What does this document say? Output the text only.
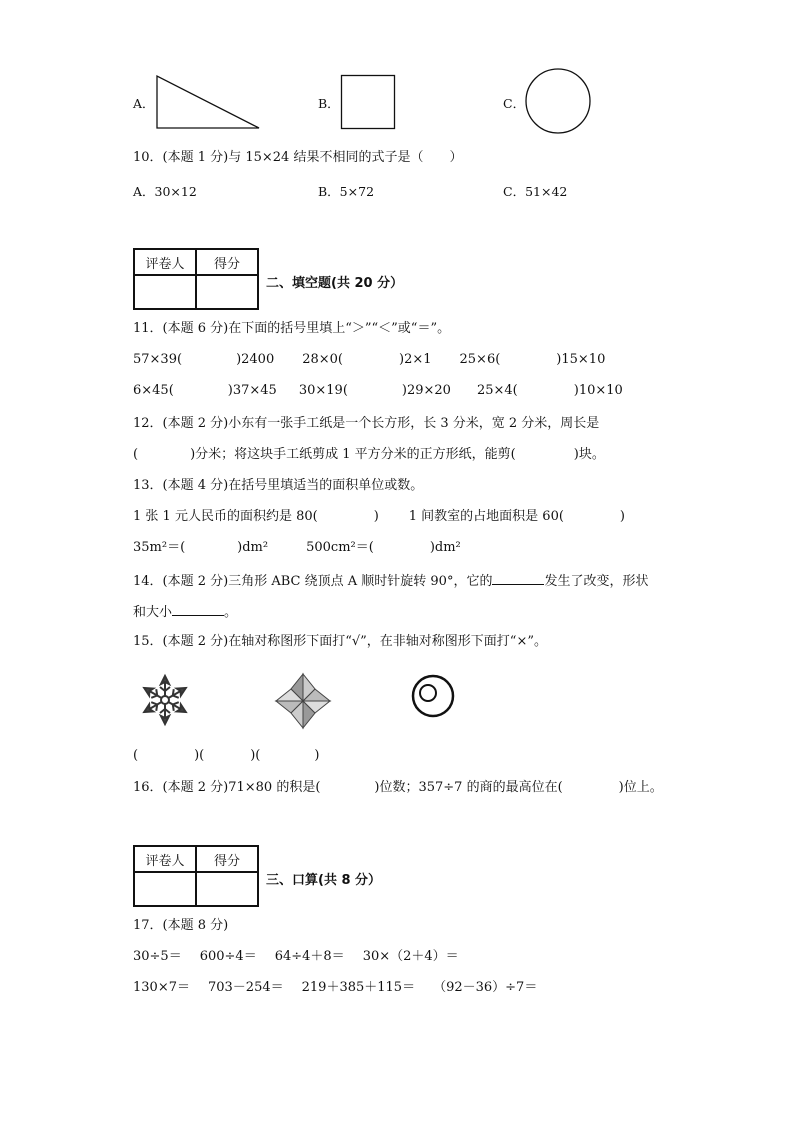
A．	B．	C．
10．(本题 1 分)与 15×24 结果不相同的式子是（　　）
A．30×12	B．5×72	C．51×42
评卷人	得分

二、填空题(共 20 分）
11．(本题 6 分)在下面的括号里填上“＞”“＜”或“＝”。
57×39(	)2400 28×0(	)2×1 25×6(	)15×10
6×45(	)37×45 30×19(	)29×20 25×4(	)10×10
12．(本题 2 分)小东有一张手工纸是一个长方形，长 3 分米，宽 2 分米，周长是
(	)分米；将这块手工纸剪成 1 平方分米的正方形纸，能剪(	)块。
13．(本题 4 分)在括号里填适当的面积单位或数。
1 张 1 元人民币的面积约是 80(	) 1 间教室的占地面积是 60(	)
35m²＝(	)dm²	500cm²＝(	)dm²
14．(本题 2 分)三角形 ABC 绕顶点 A 顺时针旋转 90°，它的	发生了改变，形状
和大小	。
15．(本题 2 分)在轴对称图形下面打“√”，在非轴对称图形下面打“×”。
(	)(	)(	)
16．(本题 2 分)71×80 的积是(	)位数；357÷7 的商的最高位在(	)位上。
评卷人	得分

三、口算(共 8 分）
17．(本题 8 分)
30÷5＝ 600÷4＝ 64÷4＋8＝ 30×（2＋4）＝
130×7＝ 703－254＝ 219＋385＋115＝ （92－36）÷7＝
